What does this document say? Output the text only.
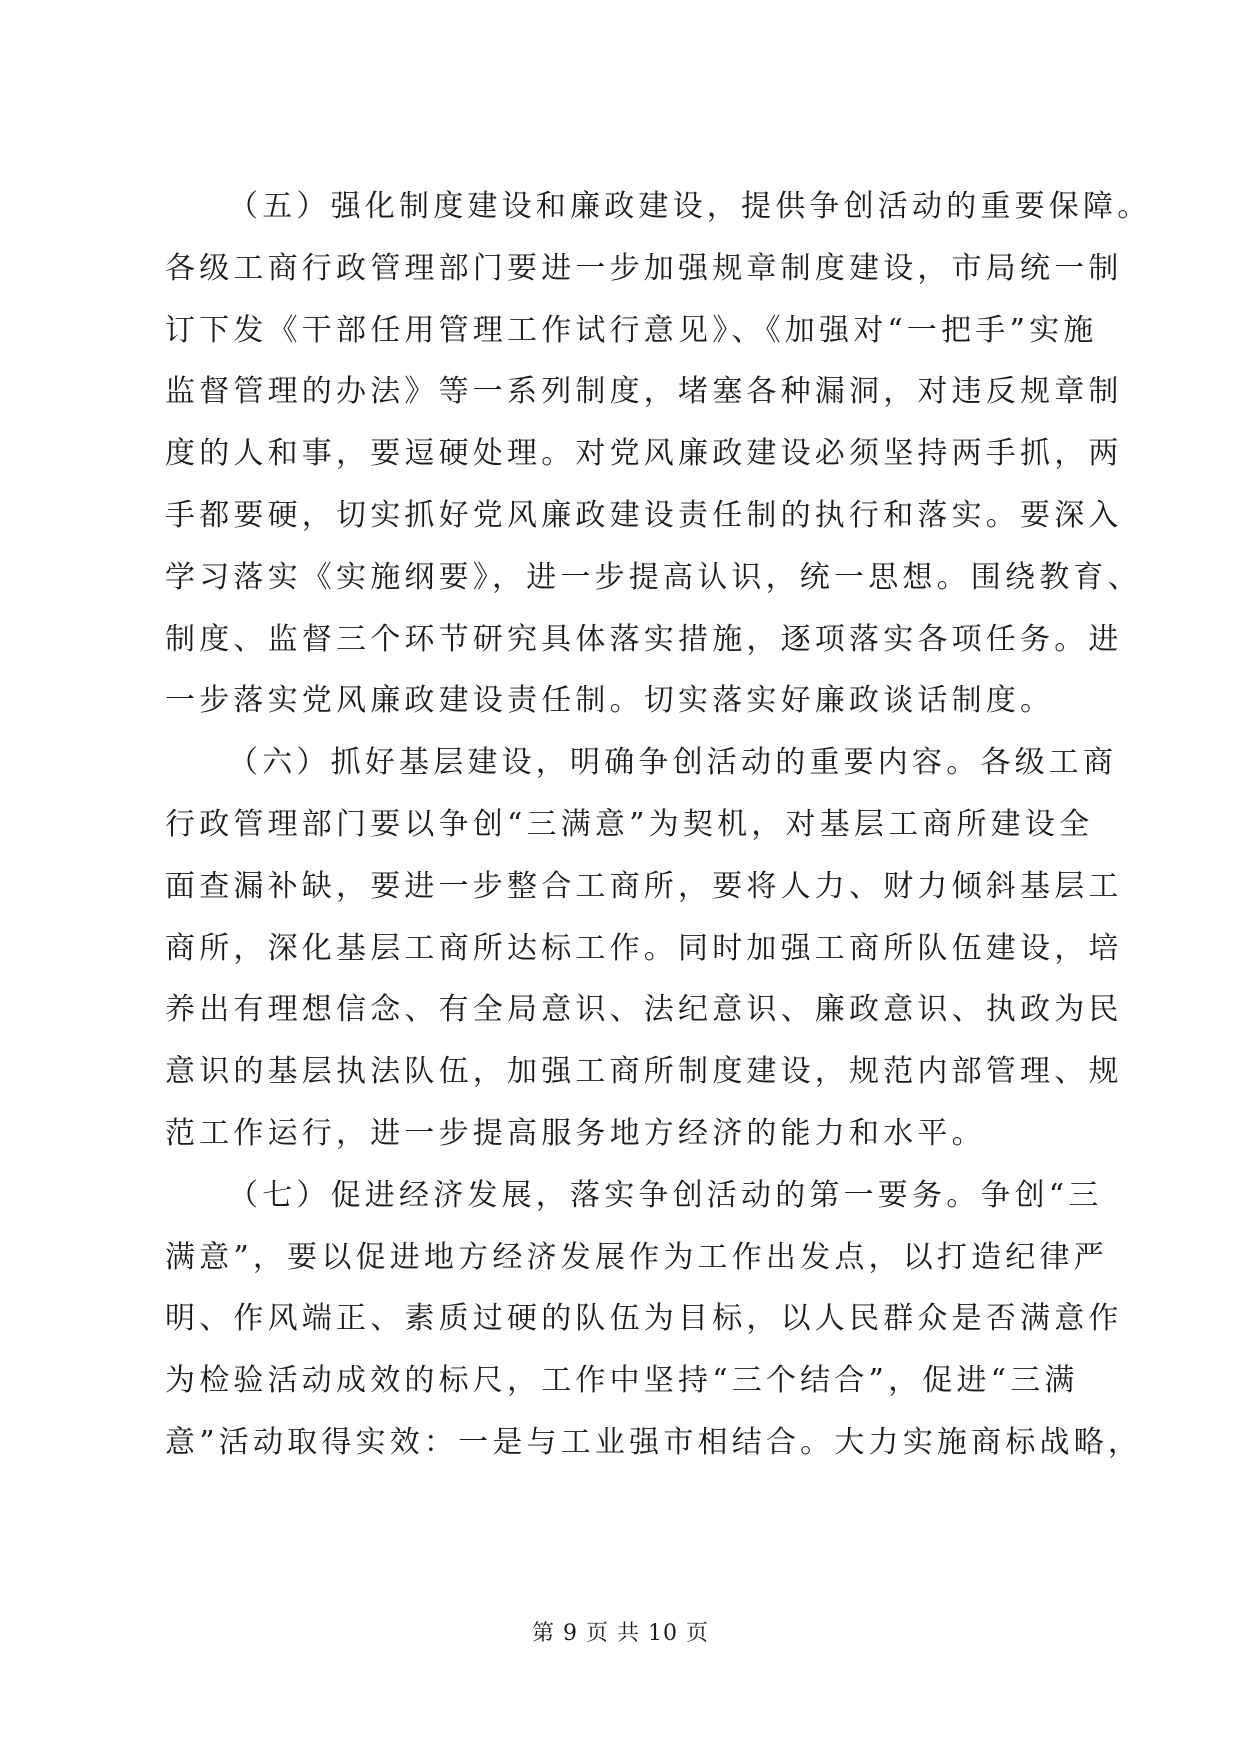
（五）强化制度建设和廉政建设，提供争创活动的重要保障。
各级工商行政管理部门要进一步加强规章制度建设，市局统一制
订下发《干部任用管理工作试行意见》、《加强对“一把手”实施
监督管理的办法》等一系列制度，堵塞各种漏洞，对违反规章制
度的人和事，要逗硬处理。对党风廉政建设必须坚持两手抓，两
手都要硬，切实抓好党风廉政建设责任制的执行和落实。要深入
学习落实《实施纲要》，进一步提高认识，统一思想。围绕教育、
制度、监督三个环节研究具体落实措施，逐项落实各项任务。进
一步落实党风廉政建设责任制。切实落实好廉政谈话制度。
（六）抓好基层建设，明确争创活动的重要内容。各级工商
行政管理部门要以争创“三满意”为契机，对基层工商所建设全
面查漏补缺，要进一步整合工商所，要将人力、财力倾斜基层工
商所，深化基层工商所达标工作。同时加强工商所队伍建设，培
养出有理想信念、有全局意识、法纪意识、廉政意识、执政为民
意识的基层执法队伍，加强工商所制度建设，规范内部管理、规
范工作运行，进一步提高服务地方经济的能力和水平。
（七）促进经济发展，落实争创活动的第一要务。争创“三
满意”，要以促进地方经济发展作为工作出发点，以打造纪律严
明、作风端正、素质过硬的队伍为目标，以人民群众是否满意作
为检验活动成效的标尺，工作中坚持“三个结合”，促进“三满
意”活动取得实效：一是与工业强市相结合。大力实施商标战略，
第 9 页 共 10 页
